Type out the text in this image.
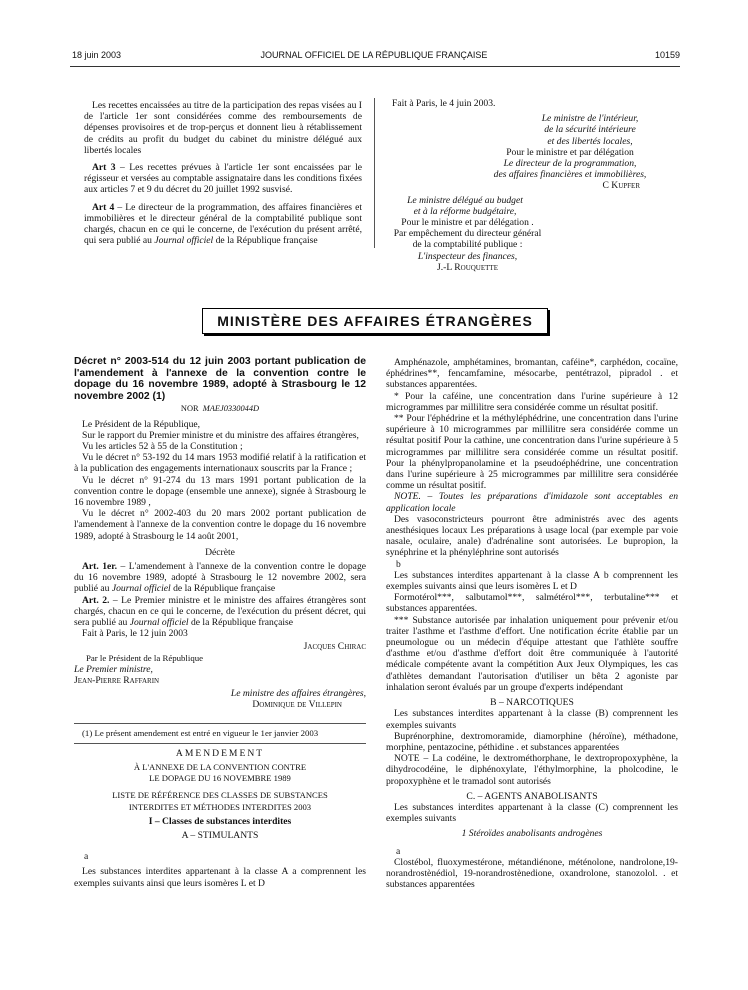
18 juin 2003	JOURNAL OFFICIEL DE LA RÉPUBLIQUE FRANÇAISE	10159

Les recettes encaissées au titre de la participation des repas visées au I de l'article 1er sont considérées comme des remboursements de dépenses provisoires et de trop-perçus et donnent lieu à rétablissement de crédits au profit du budget du cabinet du ministre délégué aux libertés locales

Art 3 – Les recettes prévues à l'article 1er sont encaissées par le régisseur et versées au comptable assignataire dans les conditions fixées aux articles 7 et 9 du décret du 20 juillet 1992 susvisé.

Art 4 – Le directeur de la programmation, des affaires financières et immobilières et le directeur général de la comptabilité publique sont chargés, chacun en ce qui le concerne, de l'exécution du présent arrêté, qui sera publié au Journal officiel de la République française

Fait à Paris, le 4 juin 2003.
Le ministre de l'intérieur,
de la sécurité intérieure
et des libertés locales,
Pour le ministre et par délégation
Le directeur de la programmation,
des affaires financières et immobilières,
C Kupfer
Le ministre délégué au budget
et à la réforme budgétaire,
Pour le ministre et par délégation .
Par empêchement du directeur général
de la comptabilité publique :
L'inspecteur des finances,
J.-L Rouquette
MINISTÈRE DES AFFAIRES ÉTRANGÈRES

Décret n° 2003-514 du 12 juin 2003 portant publication de l'amendement à l'annexe de la convention contre le dopage du 16 novembre 1989, adopté à Strasbourg le 12 novembre 2002 (1)

NOR MAEJ0330044D

Le Président de la République,

Sur le rapport du Premier ministre et du ministre des affaires étrangères,

Vu les articles 52 à 55 de la Constitution ;

Vu le décret n° 53-192 du 14 mars 1953 modifié relatif à la ratification et à la publication des engagements internationaux souscrits par la France ;

Vu le décret n° 91-274 du 13 mars 1991 portant publication de la convention contre le dopage (ensemble une annexe), signée à Strasbourg le 16 novembre 1989 ,

Vu le décret n° 2002-403 du 20 mars 2002 portant publication de l'amendement à l'annexe de la convention contre le dopage du 16 novembre 1989, adopté à Strasbourg le 14 août 2001,

Décrète

Art. 1er. – L'amendement à l'annexe de la convention contre le dopage du 16 novembre 1989, adopté à Strasbourg le 12 novembre 2002, sera publié au Journal officiel de la République française

Art. 2. – Le Premier ministre et le ministre des affaires étrangères sont chargés, chacun en ce qui le concerne, de l'exécution du présent décret, qui sera publié au Journal officiel de la République française

Fait à Paris, le 12 juin 2003

Jacques Chirac
Par le Président de la République
Le Premier ministre,
Jean-Pierre Raffarin
Le ministre des affaires étrangères,
Dominique de Villepin
(1) Le présent amendement est entré en vigueur le 1er janvier 2003
AMENDEMENT
À L'ANNEXE DE LA CONVENTION CONTRE
LE DOPAGE DU 16 NOVEMBRE 1989
LISTE DE RÉFÉRENCE DES CLASSES DE SUBSTANCES
INTERDITES ET MÉTHODES INTERDITES 2003
I – Classes de substances interdites
A – STIMULANTS
a

Les substances interdites appartenant à la classe A a comprennent les exemples suivants ainsi que leurs isomères L et D

Amphénazole, amphétamines, bromantan, caféine*, carphédon, cocaïne, éphédrines**, fencamfamine, mésocarbe, pentétrazol, pipradol . et substances apparentées.

* Pour la caféine, une concentration dans l'urine supérieure à 12 microgrammes par millilitre sera considérée comme un résultat positif.

** Pour l'éphédrine et la méthyléphédrine, une concentration dans l'urine supérieure à 10 microgrammes par millilitre sera considérée comme un résultat positif Pour la cathine, une concentration dans l'urine supérieure à 5 microgrammes par millilitre sera considérée comme un résultat positif. Pour la phénylpropanolamine et la pseudoéphédrine, une concentration dans l'urine supérieure à 25 microgrammes par millilitre sera considérée comme un résultat positif.

NOTE. – Toutes les préparations d'imidazole sont acceptables en application locale

Des vasoconstricteurs pourront être administrés avec des agents anesthésiques locaux Les préparations à usage local (par exemple par voie nasale, oculaire, anale) d'adrénaline sont autorisées. Le bupropion, la synéphrine et la phényléphrine sont autorisés

b

Les substances interdites appartenant à la classe A b comprennent les exemples suivants ainsi que leurs isomères L et D

Formotérol***, salbutamol***, salmétérol***, terbutaline*** et substances apparentées.

*** Substance autorisée par inhalation uniquement pour prévenir et/ou traiter l'asthme et l'asthme d'effort. Une notification écrite établie par un pneumologue ou un médecin d'équipe attestant que l'athlète souffre d'asthme et/ou d'asthme d'effort doit être communiquée à l'autorité médicale compétente avant la compétition Aux Jeux Olympiques, les cas d'athlètes demandant l'autorisation d'utiliser un bêta 2 agoniste par inhalation seront évalués par un groupe d'experts indépendant

B – NARCOTIQUES

Les substances interdites appartenant à la classe (B) comprennent les exemples suivants

Buprénorphine, dextromoramide, diamorphine (héroïne), méthadone, morphine, pentazocine, péthidine . et substances apparentées

NOTE – La codéine, le dextrométhorphane, le dextropropoxyphène, la dihydrocodéine, le diphénoxylate, l'éthylmorphine, la pholcodine, le propoxyphène et le tramadol sont autorisés

C. – AGENTS ANABOLISANTS

Les substances interdites appartenant à la classe (C) comprennent les exemples suivants

1 Stéroïdes anabolisants androgènes
a

Clostébol, fluoxymestérone, métandiénone, méténolone, nandrolone,19-norandrostènédiol, 19-norandrostènedione, oxandrolone, stanozolol. . et substances apparentées
